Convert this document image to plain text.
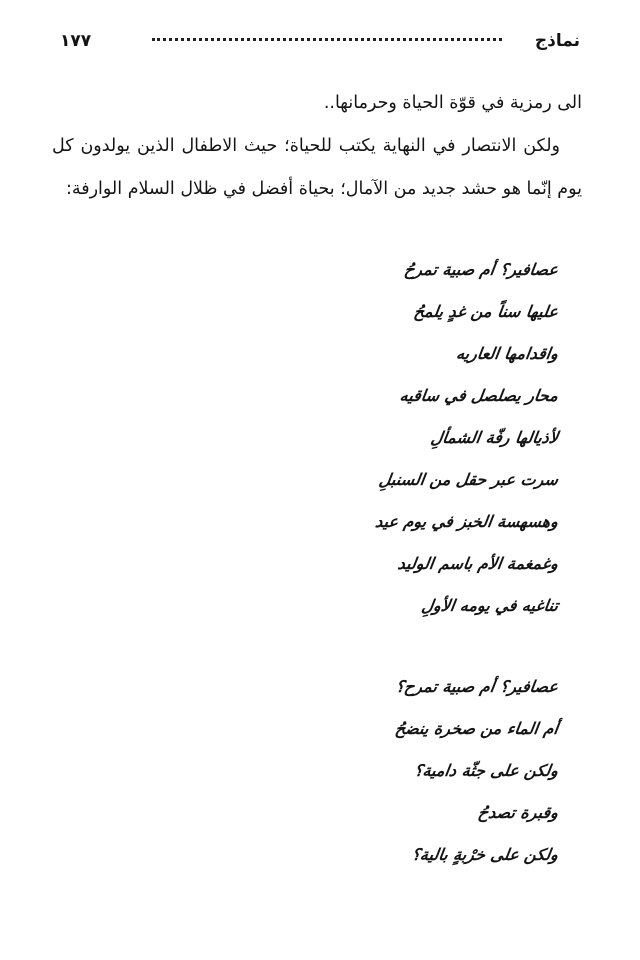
نماذج
١٧٧

الى رمزية في قوّة الحياة وحرمانها..

ولكن الانتصار في النهاية يكتب للحياة؛ حيث الاطفال الذين يولدون كل يوم إنّما هو حشد جديد من الآمال؛ بحياة أفضل في ظلال السلام الوارفة:

عصافير؟ أم صبية تمرحُ
عليها سناً من غدٍ يلمحُ
واقدامها العاريه
محار يصلصل في ساقيه
لأذيالها رفّة الشمألِ
سرت عبر حقل من السنبلِ
وهسهسة الخبز في يوم عيد
وغمغمة الأم باسم الوليد
تناغيه في يومه الأولِ
عصافير؟ أم صبية تمرح؟
أم الماء من صخرة ينضحُ
ولكن على جثّة دامية؟
وقبرة تصدحُ
ولكن على خرْبةٍ بالية؟
